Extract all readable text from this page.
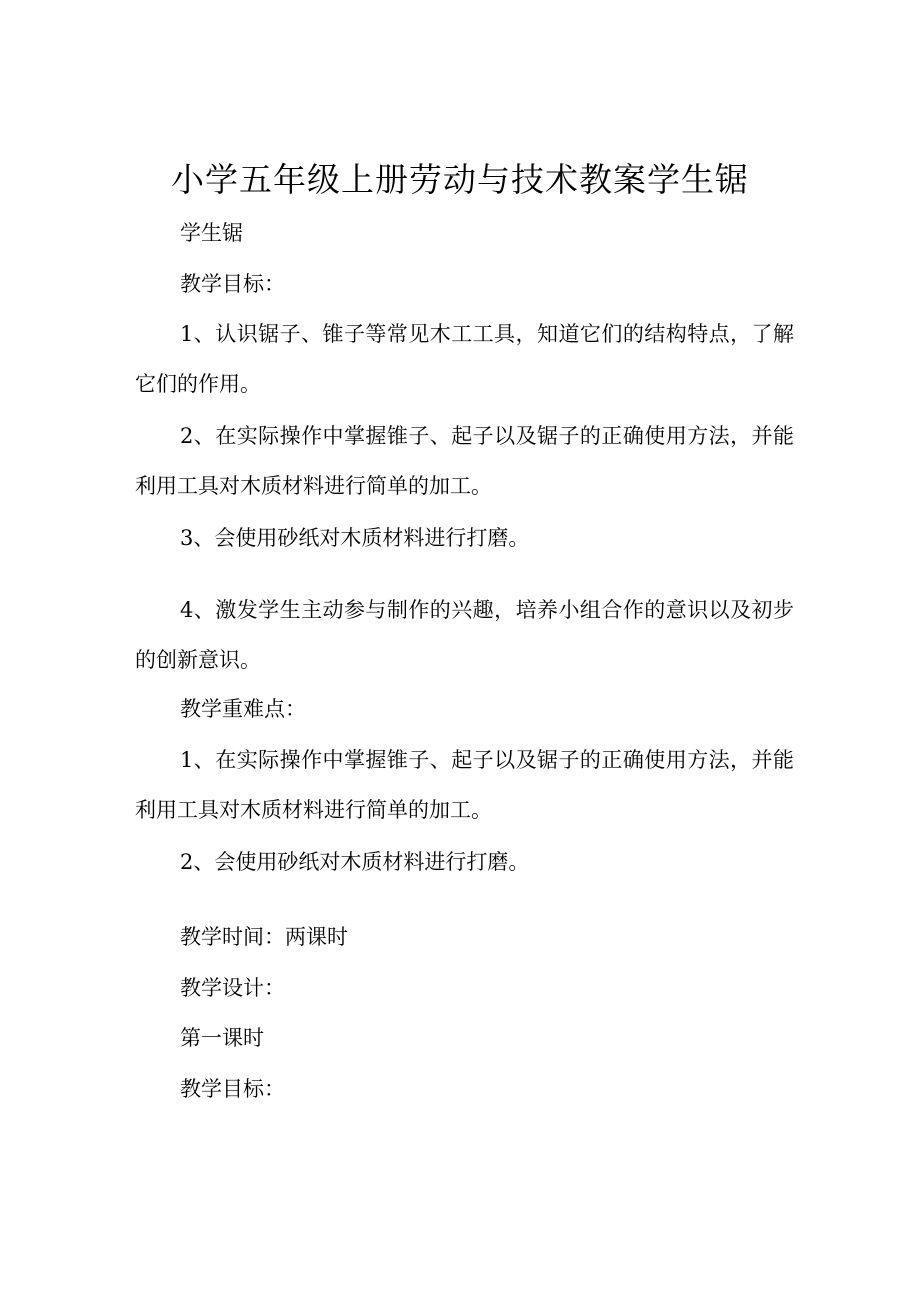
小学五年级上册劳动与技术教案学生锯

学生锯

教学目标：

1、认识锯子、锥子等常见木工工具，知道它们的结构特点，了解

它们的作用。

2、在实际操作中掌握锥子、起子以及锯子的正确使用方法，并能

利用工具对木质材料进行简单的加工。

3、会使用砂纸对木质材料进行打磨。

4、激发学生主动参与制作的兴趣，培养小组合作的意识以及初步

的创新意识。

教学重难点：

1、在实际操作中掌握锥子、起子以及锯子的正确使用方法，并能

利用工具对木质材料进行简单的加工。

2、会使用砂纸对木质材料进行打磨。

教学时间：两课时

教学设计：

第一课时

教学目标：
